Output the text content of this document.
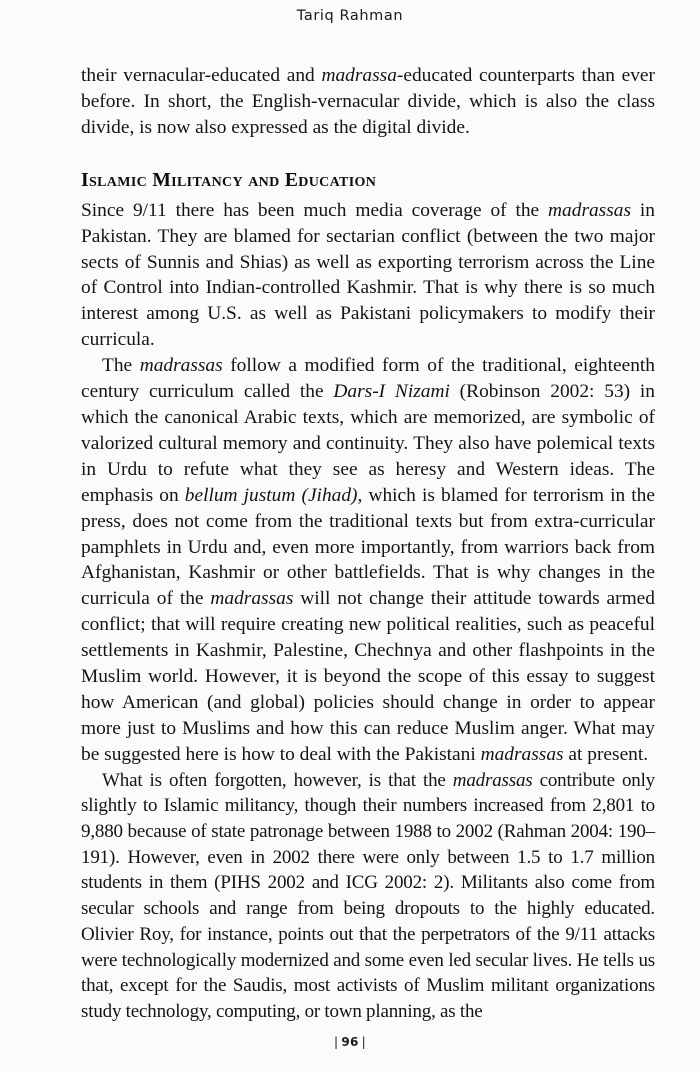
Tariq Rahman

their vernacular-educated and madrassa-educated counterparts than ever before. In short, the English-vernacular divide, which is also the class divide, is now also expressed as the digital divide.

Islamic Militancy and Education

Since 9/11 there has been much media coverage of the madrassas in Pakistan. They are blamed for sectarian conflict (between the two major sects of Sunnis and Shias) as well as exporting terrorism across the Line of Control into Indian-controlled Kashmir. That is why there is so much interest among U.S. as well as Pakistani policymakers to modify their curricula.

The madrassas follow a modified form of the traditional, eighteenth century curriculum called the Dars-I Nizami (Robinson 2002: 53) in which the canonical Arabic texts, which are memorized, are symbolic of valorized cultural memory and continuity. They also have polemical texts in Urdu to refute what they see as heresy and Western ideas. The emphasis on bellum justum (Jihad), which is blamed for terrorism in the press, does not come from the traditional texts but from extra-curricular pamphlets in Urdu and, even more importantly, from warriors back from Afghanistan, Kashmir or other battlefields. That is why changes in the curricula of the madrassas will not change their attitude towards armed conflict; that will require creating new political realities, such as peaceful settlements in Kashmir, Palestine, Chechnya and other flashpoints in the Muslim world. However, it is beyond the scope of this essay to suggest how American (and global) policies should change in order to appear more just to Muslims and how this can reduce Muslim anger. What may be suggested here is how to deal with the Pakistani madrassas at present.

What is often forgotten, however, is that the madrassas contribute only slightly to Islamic militancy, though their numbers increased from 2,801 to 9,880 because of state patronage between 1988 to 2002 (Rahman 2004: 190–191). However, even in 2002 there were only between 1.5 to 1.7 million students in them (PIHS 2002 and ICG 2002: 2). Militants also come from secular schools and range from being dropouts to the highly educated. Olivier Roy, for instance, points out that the perpetrators of the 9/11 attacks were technologically modernized and some even led secular lives. He tells us that, except for the Saudis, most activists of Muslim militant organizations study technology, computing, or town planning, as the

| 96 |
